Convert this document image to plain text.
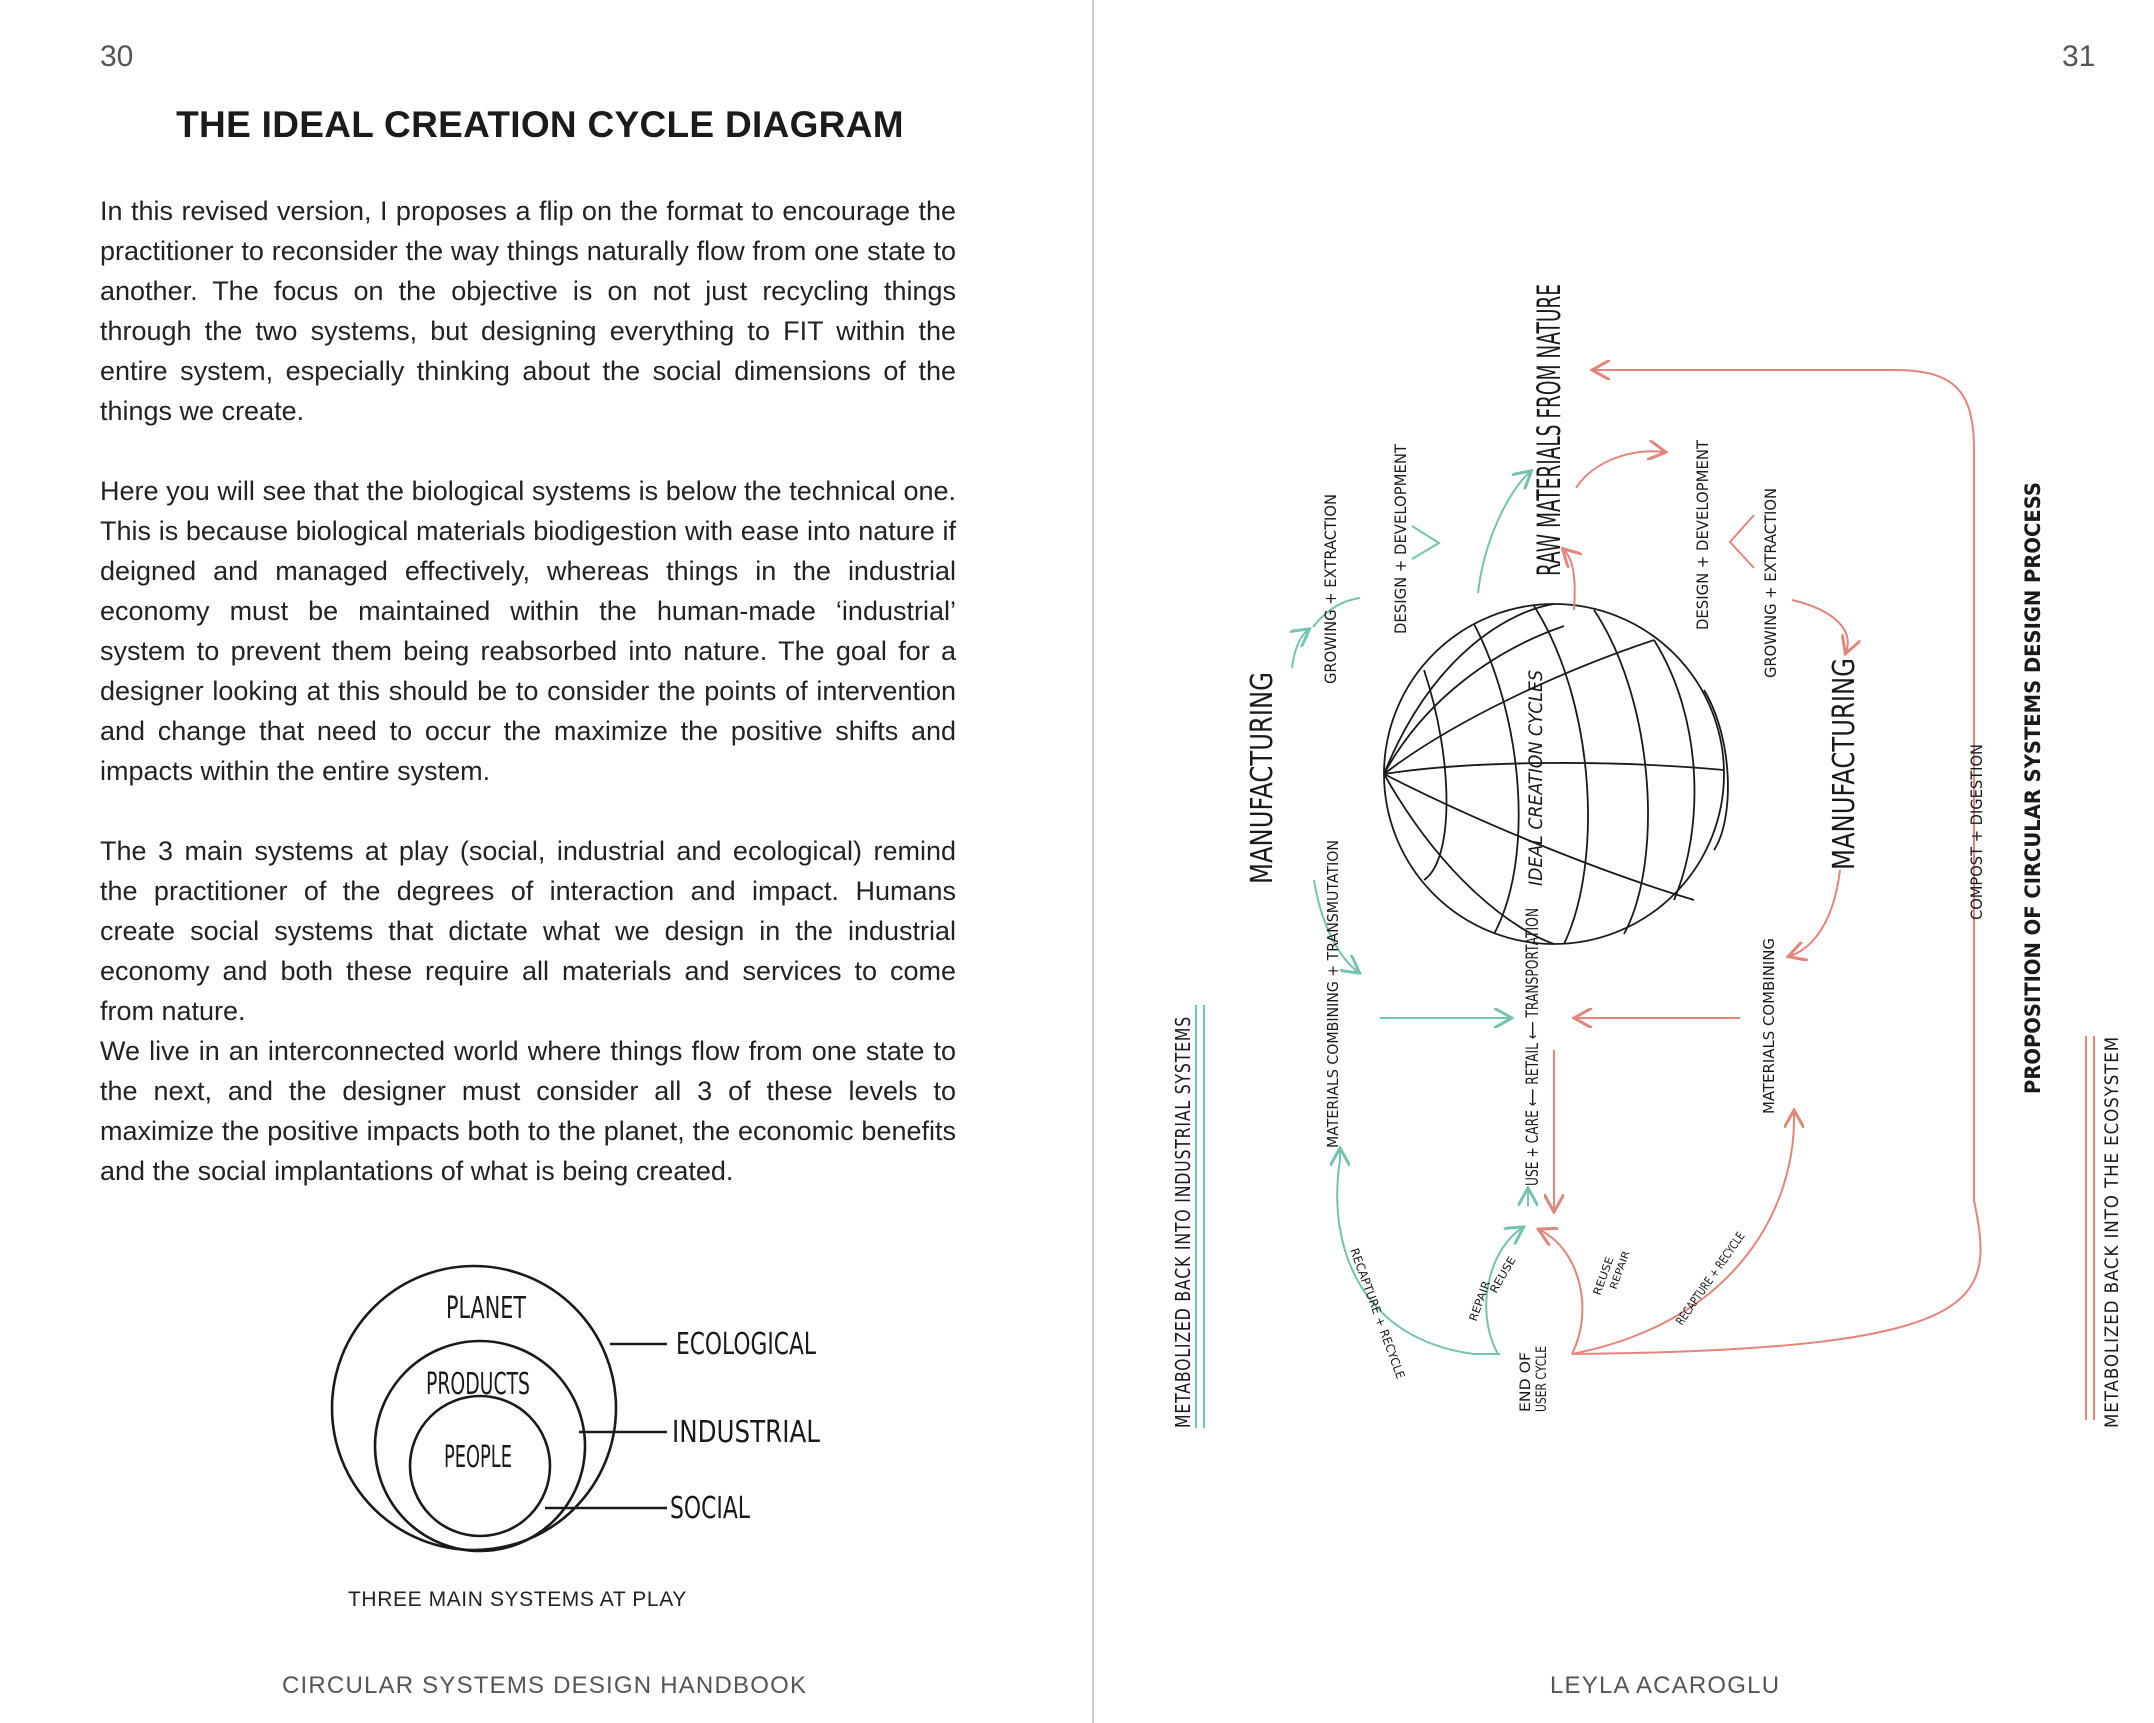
30
THE IDEAL CREATION CYCLE DIAGRAM

In this revised version, I proposes a flip on the format to encourage the practitioner to reconsider the way things naturally flow from one state to another. The focus on the objective is on not just recycling things through the two systems, but designing everything to FIT within the entire system, especially thinking about the social dimensions of the things we create.

Here you will see that the biological systems is below the technical one. This is because biological materials biodigestion with ease into nature if deigned and managed effectively, whereas things in the industrial economy must be maintained within the human-made ‘industrial’ system to prevent them being reabsorbed into nature. The goal for a designer looking at this should be to consider the points of intervention and change that need to occur the maximize the positive shifts and impacts within the entire system.

The 3 main systems at play (social, industrial and ecological) remind the practitioner of the degrees of interaction and impact. Humans create social systems that dictate what we design in the industrial economy and both these require all materials and services to come from nature.

We live in an interconnected world where things flow from one state to the next, and the designer must consider all 3 of these levels to maximize the positive impacts both to the planet, the economic benefits and the social implantations of what is being created.

PLANET
PRODUCTS
PEOPLE
ECOLOGICAL
INDUSTRIAL
SOCIAL
THREE MAIN SYSTEMS AT PLAY
CIRCULAR SYSTEMS DESIGN HANDBOOK
31
RAW MATERIALS FROM NATURE
IDEAL CREATION CYCLES
MANUFACTURING
GROWING + EXTRACTION	DESIGN + DEVELOPMENT
MATERIALS COMBINING + TRANSMUTATION
RECAPTURE + RECYCLE	REPAIR
REUSE
METABOLIZED BACK INTO INDUSTRIAL SYSTEMS	USE + CARE ⟵ RETAIL ⟵ TRANSPORTATION
END OF USER CYCLE
MANUFACTURING
GROWING + EXTRACTION
DESIGN + DEVELOPMENT
MATERIALS COMBINING
RECAPTURE + RECYCLE
REUSE
REPAIR
COMPOST + DIGESTION
METABOLIZED BACK INTO THE ECOSYSTEM
PROPOSITION OF CIRCULAR SYSTEMS DESIGN PROCESS
LEYLA ACAROGLU
